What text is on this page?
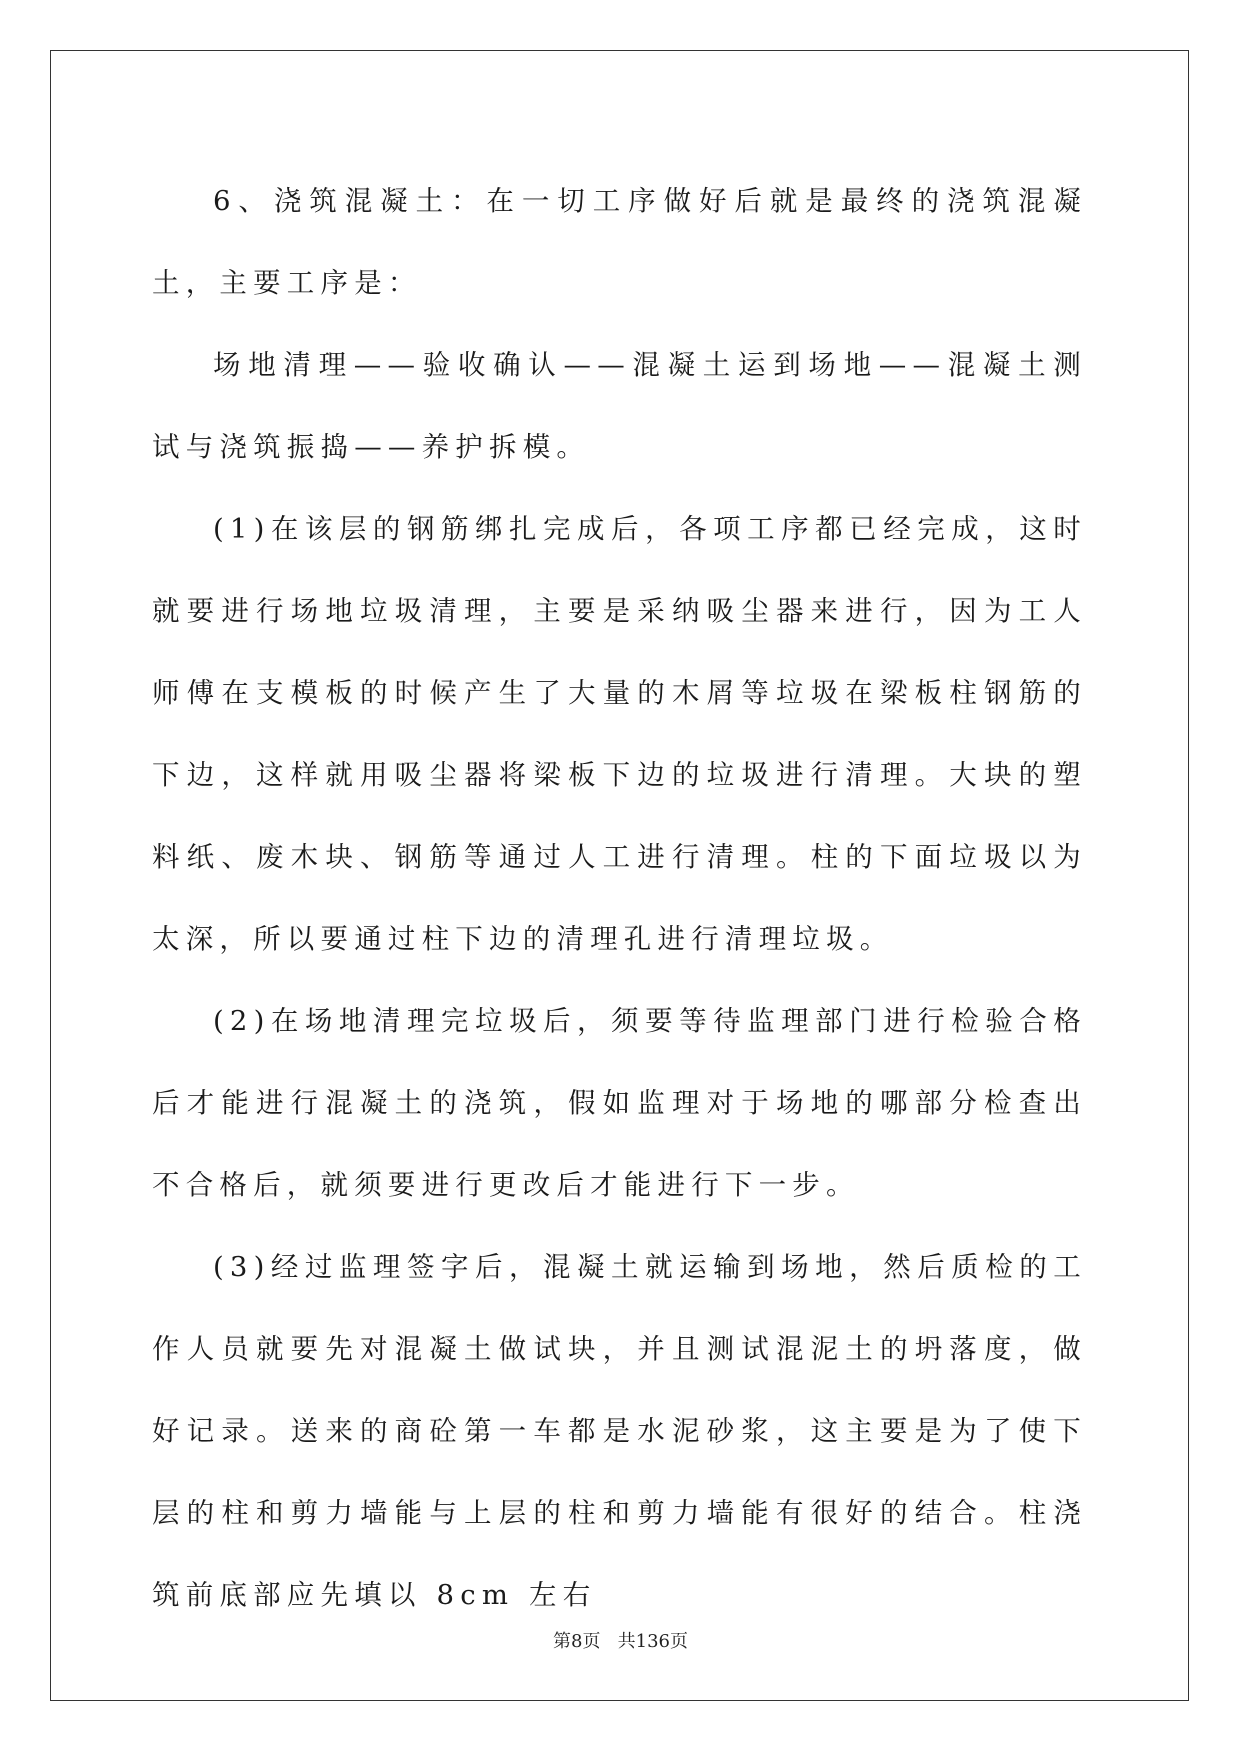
6、浇筑混凝土：在一切工序做好后就是最终的浇筑混凝土，主要工序是：

场地清理——验收确认——混凝土运到场地——混凝土测试与浇筑振捣——养护拆模。

(1)在该层的钢筋绑扎完成后，各项工序都已经完成，这时就要进行场地垃圾清理，主要是采纳吸尘器来进行，因为工人师傅在支模板的时候产生了大量的木屑等垃圾在梁板柱钢筋的下边，这样就用吸尘器将梁板下边的垃圾进行清理。大块的塑料纸、废木块、钢筋等通过人工进行清理。柱的下面垃圾以为太深，所以要通过柱下边的清理孔进行清理垃圾。

(2)在场地清理完垃圾后，须要等待监理部门进行检验合格后才能进行混凝土的浇筑，假如监理对于场地的哪部分检查出不合格后，就须要进行更改后才能进行下一步。

(3)经过监理签字后，混凝土就运输到场地，然后质检的工作人员就要先对混凝土做试块，并且测试混泥土的坍落度，做好记录。送来的商砼第一车都是水泥砂浆，这主要是为了使下层的柱和剪力墙能与上层的柱和剪力墙能有很好的结合。柱浇筑前底部应先填以 8cm 左右

第8页 共136页
